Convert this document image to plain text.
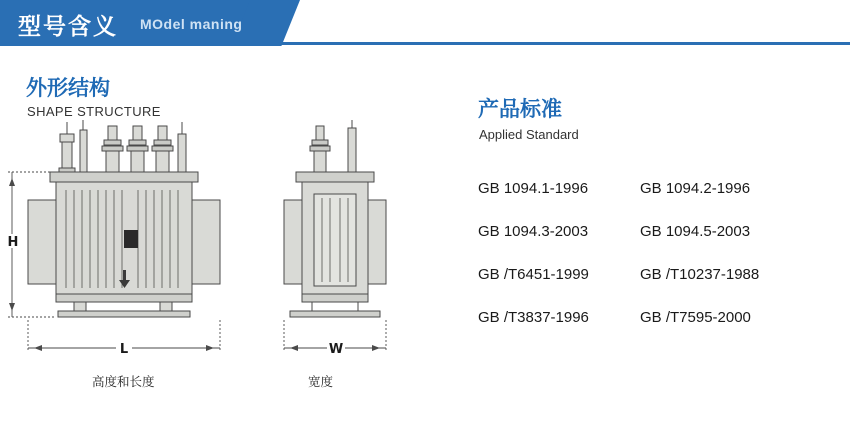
型号含义 MOdel maning
外形结构
SHAPE STRUCTURE
H
L	W
高度和长度	宽度
产品标准
Applied Standard
GB 1094.1-1996	GB 1094.2-1996
GB 1094.3-2003	GB 1094.5-2003
GB /T6451-1999	GB /T10237-1988
GB /T3837-1996	GB /T7595-2000
